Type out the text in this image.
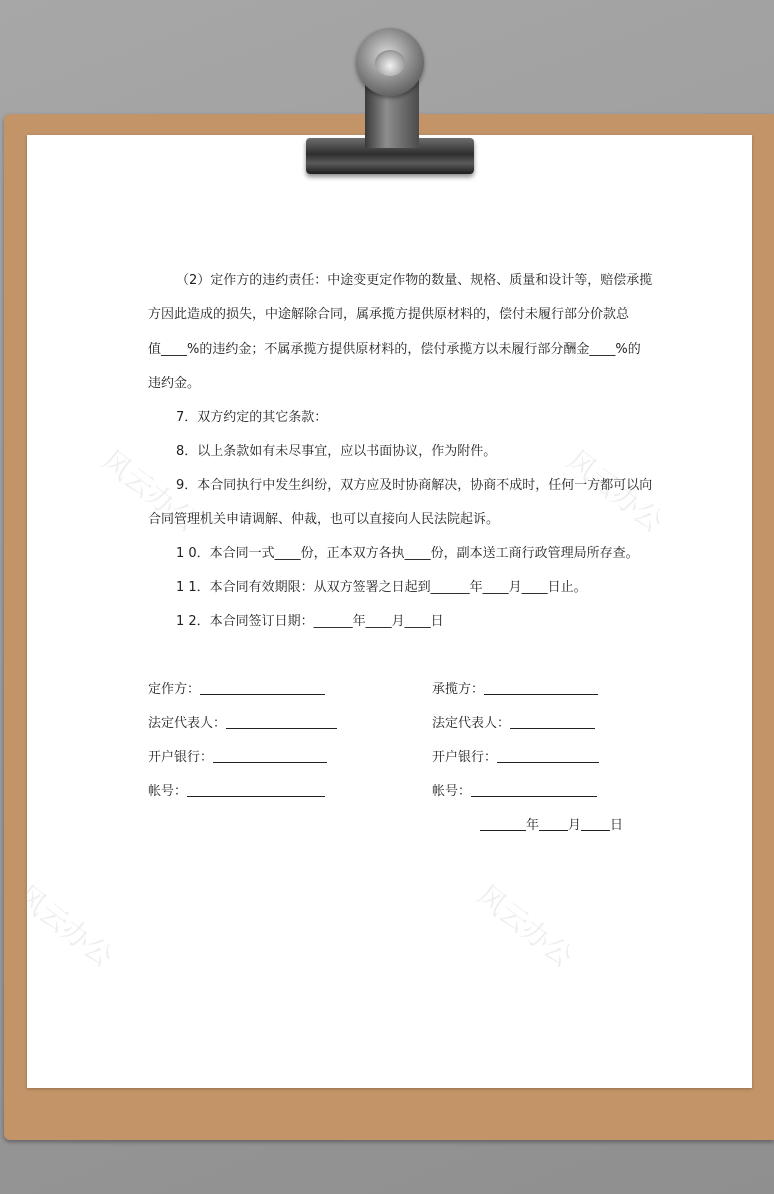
风云办公	风云办公
风云办公	风云办公
（2）定作方的违约责任：中途变更定作物的数量、规格、质量和设计等，赔偿承揽
方因此造成的损失，中途解除合同，属承揽方提供原材料的，偿付未履行部分价款总
值____%的违约金；不属承揽方提供原材料的，偿付承揽方以未履行部分酬金____%的
违约金。
7．双方约定的其它条款：
8．以上条款如有未尽事宜，应以书面协议，作为附件。
9．本合同执行中发生纠纷，双方应及时协商解决，协商不成时，任何一方都可以向
合同管理机关申请调解、仲裁，也可以直接向人民法院起诉。
1 0．本合同一式____份，正本双方各执____份，副本送工商行政管理局所存查。
1 1．本合同有效期限：从双方签署之日起到______年____月____日止。
1 2．本合同签订日期：______年____月____日
定作方：
法定代表人：
开户银行：
帐号：
承揽方：
法定代表人：
开户银行：
帐号：
年 月 日
